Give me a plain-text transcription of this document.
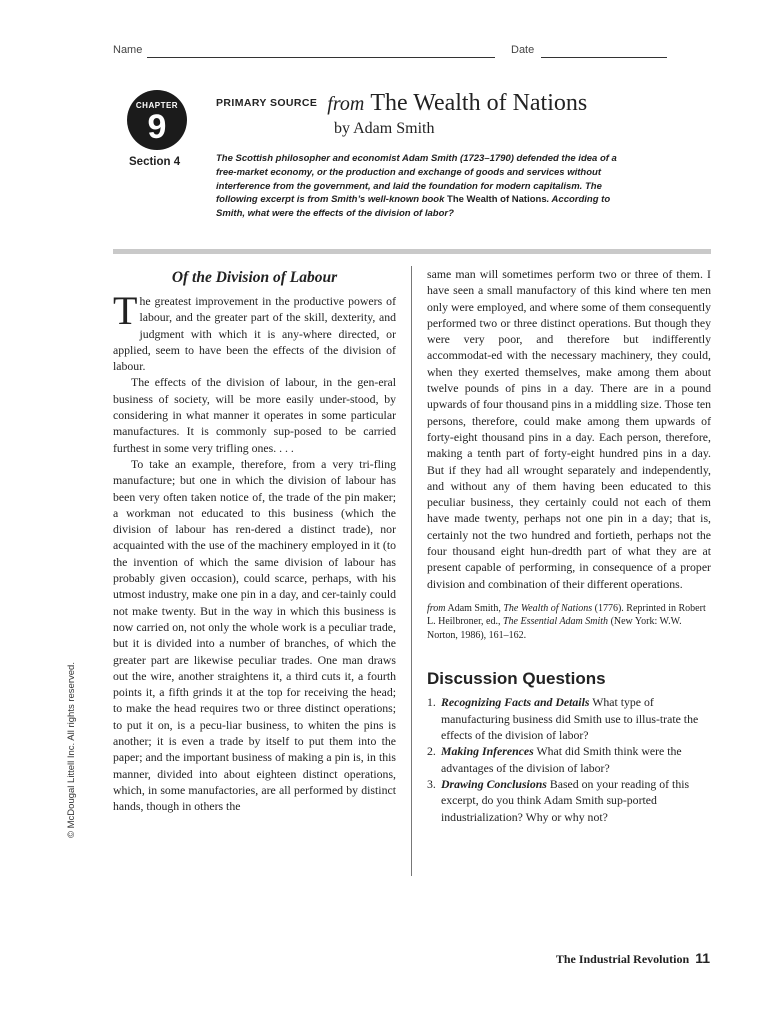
Name	Date
CHAPTER
9
Section 4
$^{PRIMARY SOURCE}$ from The Wealth of Nations
by Adam Smith
The Scottish philosopher and economist Adam Smith (1723–1790) defended the idea of a free-market economy, or the production and exchange of goods and services without interference from the government, and laid the foundation for modern capitalism. The following excerpt is from Smith’s well-known book The Wealth of Nations. According to Smith, what were the effects of the division of labor?
Of the Division of Labour

The greatest improvement in the productive powers of labour, and the greater part of the skill, dexterity, and judgment with which it is any-where directed, or applied, seem to have been the effects of the division of labour.

The effects of the division of labour, in the gen-eral business of society, will be more easily under-stood, by considering in what manner it operates in some particular manufactures. It is commonly sup-posed to be carried furthest in some very trifling ones. . . .

To take an example, therefore, from a very tri-fling manufacture; but one in which the division of labour has been very often taken notice of, the trade of the pin maker; a workman not educated to this business (which the division of labour has ren-dered a distinct trade), nor acquainted with the use of the machinery employed in it (to the invention of which the same division of labour has probably given occasion), could scarce, perhaps, with his utmost industry, make one pin in a day, and cer-tainly could not make twenty. But in the way in which this business is now carried on, not only the whole work is a peculiar trade, but it is divided into a number of branches, of which the greater part are likewise peculiar trades. One man draws out the wire, another straightens it, a third cuts it, a fourth points it, a fifth grinds it at the top for receiving the head; to make the head requires two or three distinct operations; to put it on, is a pecu-liar business, to whiten the pins is another; it is even a trade by itself to put them into the paper; and the important business of making a pin is, in this manner, divided into about eighteen distinct operations, which, in some manufactories, are all performed by distinct hands, though in others the

same man will sometimes perform two or three of them. I have seen a small manufactory of this kind where ten men only were employed, and where some of them consequently performed two or three distinct operations. But though they were very poor, and therefore but indifferently accommodat-ed with the necessary machinery, they could, when they exerted themselves, make among them about twelve pounds of pins in a day. There are in a pound upwards of four thousand pins in a middling size. Those ten persons, therefore, could make among them upwards of forty-eight thousand pins in a day. Each person, therefore, making a tenth part of forty-eight hundred pins in a day. But if they had all wrought separately and independently, and without any of them having been educated to this peculiar business, they certainly could not each of them have made twenty, perhaps not one pin in a day; that is, certainly not the two hundred and fortieth, perhaps not the four thousand eight hun-dredth part of what they are at present capable of performing, in consequence of a proper division and combination of their different operations.

from Adam Smith, The Wealth of Nations (1776). Reprinted in Robert L. Heilbroner, ed., The Essential Adam Smith (New York: W.W. Norton, 1986), 161–162.

Discussion Questions

1. Recognizing Facts and Details What type of manufacturing business did Smith use to illus-trate the effects of the division of labor?

2. Making Inferences What did Smith think were the advantages of the division of labor?

3. Drawing Conclusions Based on your reading of this excerpt, do you think Adam Smith sup-ported industrialization? Why or why not?

© McDougal Littell Inc. All rights reserved.
The Industrial Revolution 11
